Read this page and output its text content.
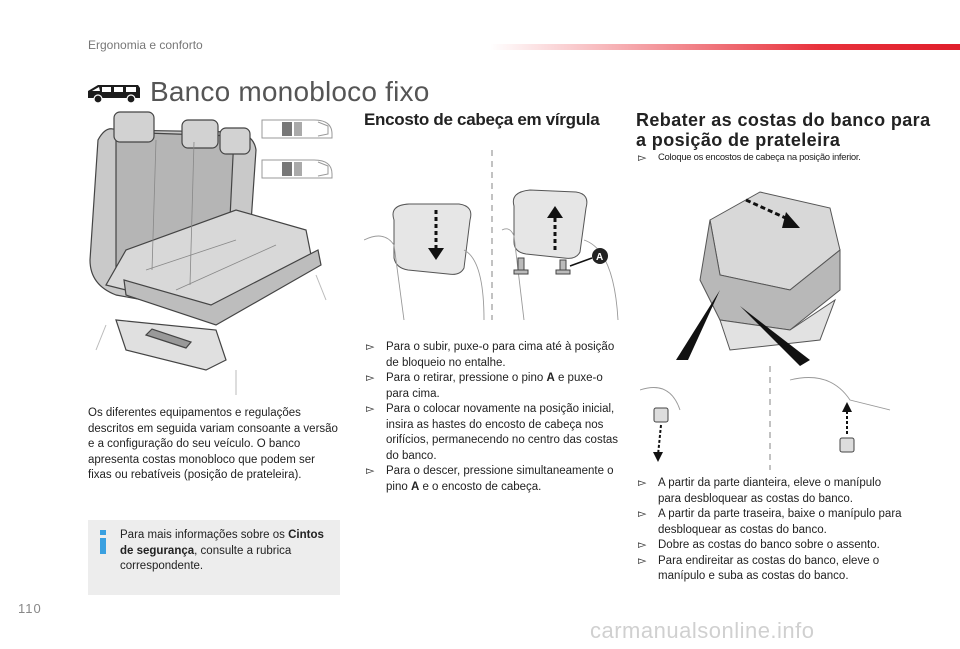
Ergonomia e conforto
Banco monobloco fixo
Os diferentes equipamentos e regulações descritos em seguida variam consoante a versão e a configuração do seu veículo. O banco apresenta costas monobloco que podem ser fixas ou rebatíveis (posição de prateleira).
Para mais informações sobre os Cintos de segurança, consulte a rubrica correspondente.
Encosto de cabeça em vírgula
A
▻ Para o subir, puxe-o para cima até à posição de bloqueio no entalhe.
▻ Para o retirar, pressione o pino A e puxe-o para cima.
▻ Para o colocar novamente na posição inicial, insira as hastes do encosto de cabeça nos orifícios, permanecendo no centro das costas do banco.
▻ Para o descer, pressione simultaneamente o pino A e o encosto de cabeça.
Rebater as costas do banco para a posição de prateleira
▻ Coloque os encostos de cabeça na posição inferior.
▻ A partir da parte dianteira, eleve o manípulo para desbloquear as costas do banco.
▻ A partir da parte traseira, baixe o manípulo para desbloquear as costas do banco.
▻ Dobre as costas do banco sobre o assento.
▻ Para endireitar as costas do banco, eleve o manípulo e suba as costas do banco.
110
carmanualsonline.info
